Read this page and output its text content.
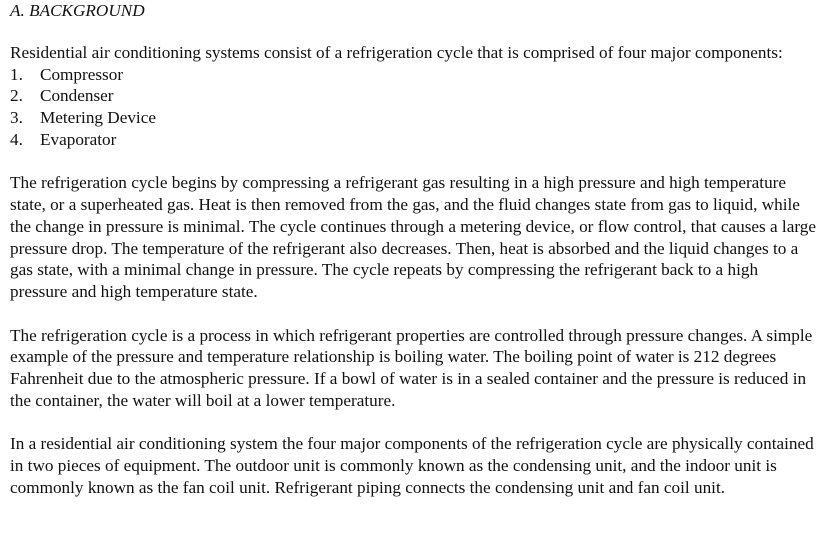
A. BACKGROUND

Residential air conditioning systems consist of a refrigeration cycle that is comprised of four major components:

1. Compressor
2. Condenser
3. Metering Device
4. Evaporator

The refrigeration cycle begins by compressing a refrigerant gas resulting in a high pressure and high temperature state, or a superheated gas. Heat is then removed from the gas, and the fluid changes state from gas to liquid, while the change in pressure is minimal. The cycle continues through a metering device, or flow control, that causes a large pressure drop. The temperature of the refrigerant also decreases. Then, heat is absorbed and the liquid changes to a gas state, with a minimal change in pressure. The cycle repeats by compressing the refrigerant back to a high pressure and high temperature state.

The refrigeration cycle is a process in which refrigerant properties are controlled through pressure changes. A simple example of the pressure and temperature relationship is boiling water. The boiling point of water is 212 degrees Fahrenheit due to the atmospheric pressure. If a bowl of water is in a sealed container and the pressure is reduced in the container, the water will boil at a lower temperature.

In a residential air conditioning system the four major components of the refrigeration cycle are physically contained in two pieces of equipment. The outdoor unit is commonly known as the condensing unit, and the indoor unit is commonly known as the fan coil unit. Refrigerant piping connects the condensing unit and fan coil unit.
